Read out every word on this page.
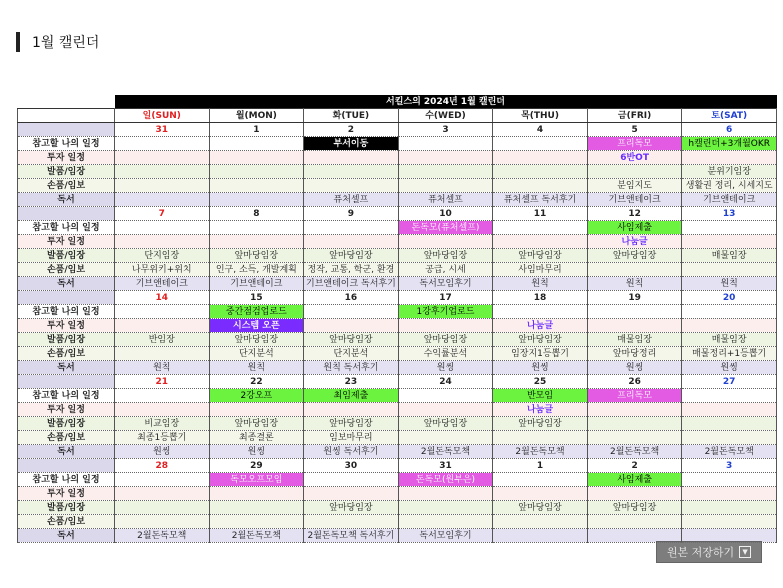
1월 캘린더
	서킬스의 2024년 1월 캘린더						
	일(SUN)	월(MON)	화(TUE)	수(WED)	목(THU)	금(FRI)	토(SAT)
	31	1	2	3	4	5	6
참고할 나의 일정			부서이동			프리독모	h캘린더+3개월OKR
투자 일정						6반OT	
발품/임장							분위기임장
손품/임보						분임지도	생활권 정리, 시세지도
독서			퓨처셀프	퓨처셀프	퓨처셀프 독서후기	기브앤테이크	기브앤테이크
	7	8	9	10	11	12	13
참고할 나의 일정				돈독모(퓨처셀프)		사임제출	
투자 일정						나눔글	
발품/임장	단지임장	앞마당임장	앞마당임장	앞마당임장	앞마당임장	앞마당임장	매물임장
손품/임보	나무위키+위치	인구, 소득, 개발계획	정작, 교통, 학군, 환경	공급, 시세	사임마무리		
독서	기브앤테이크	기브앤테이크	기브앤테이크 독서후기	독서모임후기	원칙	원칙	원칙
	14	15	16	17	18	19	20
참고할 나의 일정		중간점검업로드		1강후기업로드			
투자 일정		시스템 오픈			나눔글		
발품/임장	반임장	앞마당임장	앞마당임장	앞마당임장	앞마당임장	매물임장	매물임장
손품/임보		단지분석	단지분석	수익률분석	임장지1등뽑기	앞마당정리	매물정리+1등뽑기
독서	원칙	원칙	원칙 독서후기	원씽	원씽	원씽	원씽
	21	22	23	24	25	26	27
참고할 나의 일정		2강오프	최임제출		반모임	프리독모	
투자 일정					나눔글		
발품/임장	비교임장	앞마당임장	앞마당임장	앞마당임장	앞마당임장		
손품/임보	최종1등뽑기	최종결론	임보마무리				
독서	원씽	원씽	원씽 독서후기	2월돈독모책	2월돈독모책	2월돈독모책	2월돈독모책
	28	29	30	31	1	2	3
참고할 나의 일정		독모오프모임		돈독모(원부은)		사임제출	
투자 일정							
발품/임장			앞마당임장		앞마당임장	앞마당임장	
손품/임보							
독서	2월돈독모책	2월돈독모책	2월돈독모책 독서후기	독서모임후기			
원본 저장하기	▼
